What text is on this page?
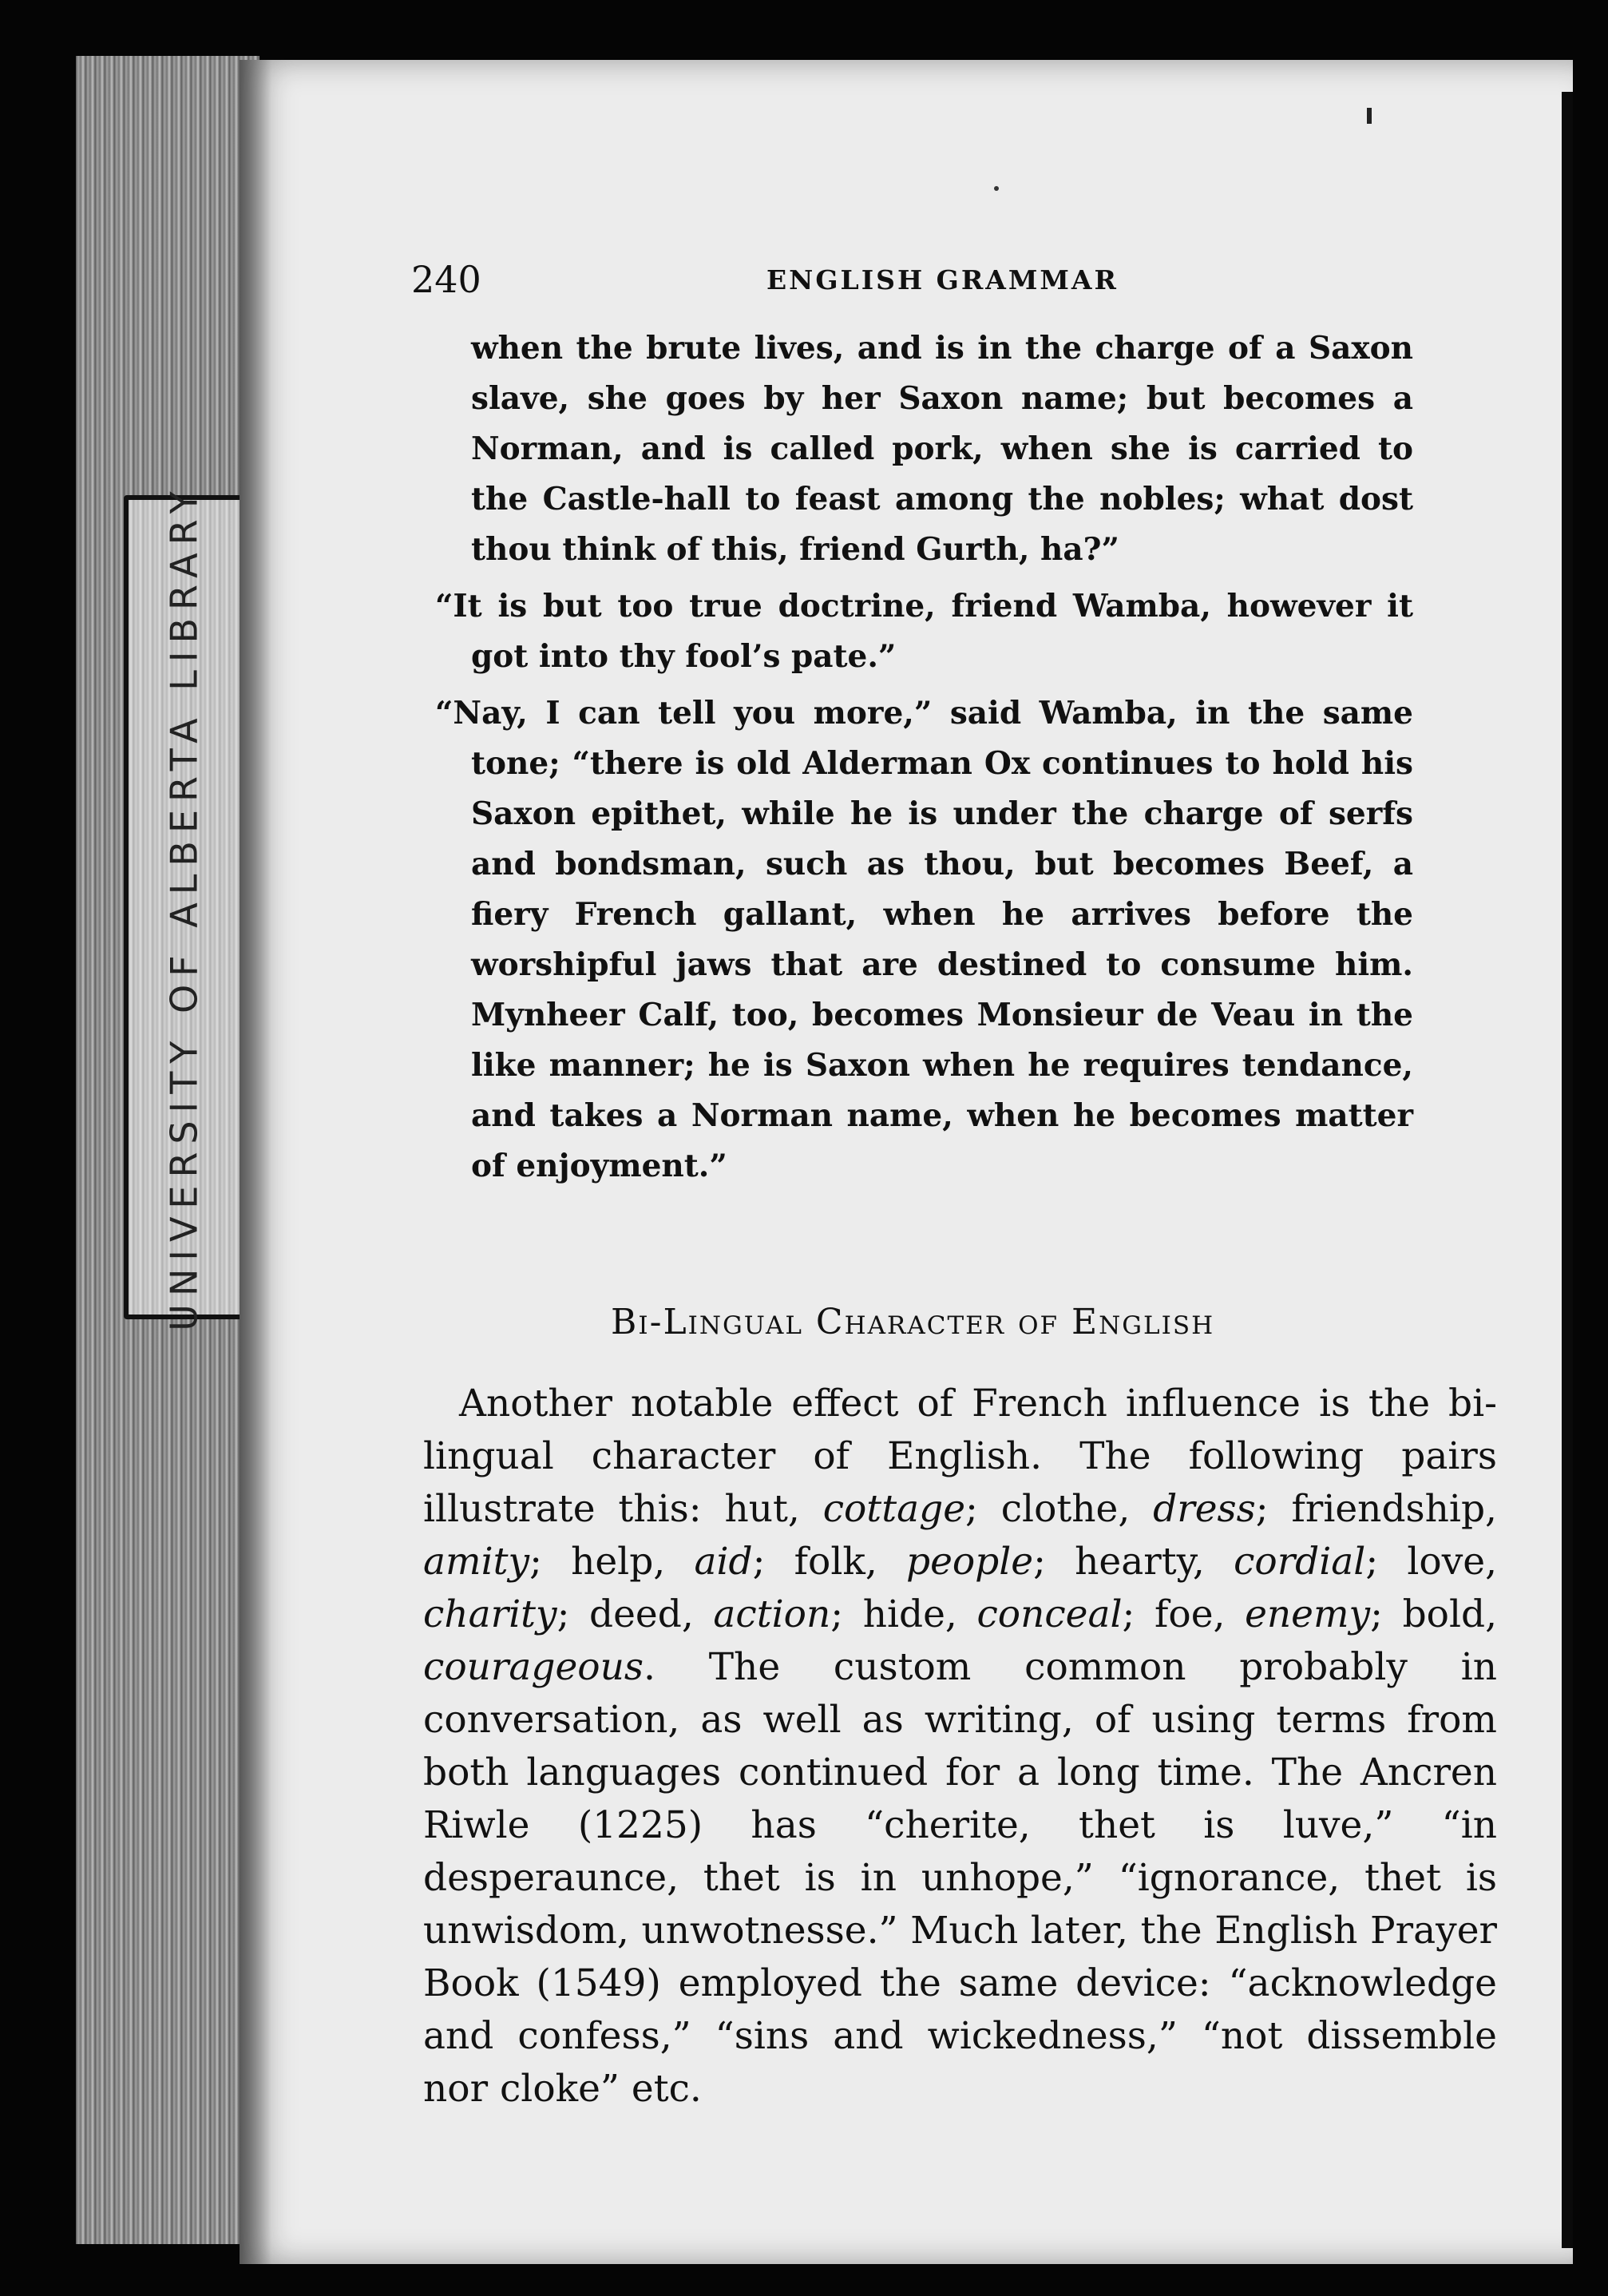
UNIVERSITY OF ALBERTA LIBRARY
240	ENGLISH GRAMMAR

when the brute lives, and is in the charge of a Saxon slave, she goes by her Saxon name; but becomes a Norman, and is called pork, when she is carried to the Castle-hall to feast among the nobles; what dost thou think of this, friend Gurth, ha?”

“It is but too true doctrine, friend Wamba, however it got into thy fool’s pate.”

“Nay, I can tell you more,” said Wamba, in the same tone; “there is old Alderman Ox continues to hold his Saxon epithet, while he is under the charge of serfs and bondsman, such as thou, but becomes Beef, a fiery French gallant, when he arrives before the worshipful jaws that are destined to consume him. Mynheer Calf, too, becomes Monsieur de Veau in the like manner; he is Saxon when he requires tendance, and takes a Norman name, when he becomes matter of enjoyment.”

Bi-Lingual Character of English

Another notable effect of French influence is the bi-lingual character of English. The following pairs illustrate this: hut, cottage; clothe, dress; friendship, amity; help, aid; folk, people; hearty, cordial; love, charity; deed, action; hide, conceal; foe, enemy; bold, courageous. The custom common probably in conversation, as well as writing, of using terms from both languages continued for a long time. The Ancren Riwle (1225) has “cherite, thet is luve,” “in desperaunce, thet is in unhope,” “ignorance, thet is unwisdom, unwotnesse.” Much later, the English Prayer Book (1549) employed the same device: “acknowledge and confess,” “sins and wickedness,” “not dissemble nor cloke” etc.
